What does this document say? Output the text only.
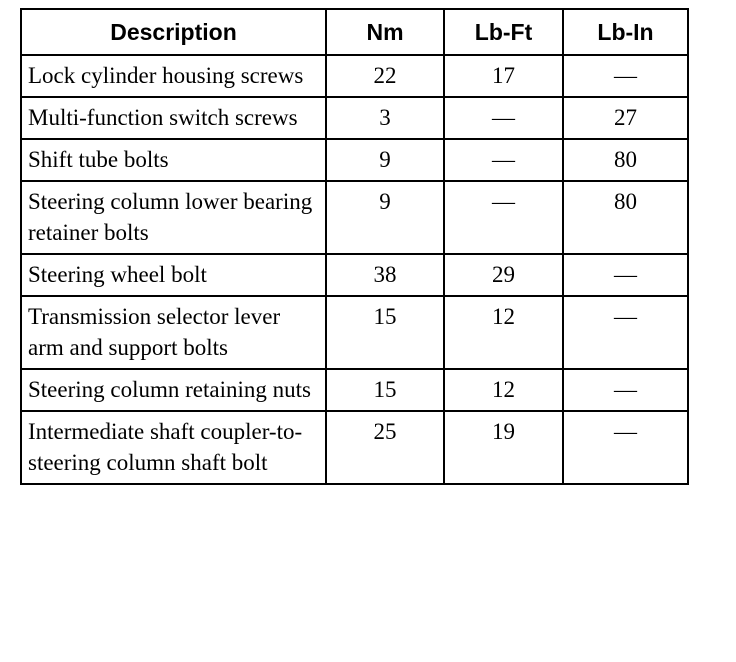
Description	Nm	Lb-Ft	Lb-In
Lock cylinder housing screws	22	17	—
Multi-function switch screws	3	—	27
Shift tube bolts	9	—	80
Steering column lower bearing retainer bolts	9	—	80
Steering wheel bolt	38	29	—
Transmission selector lever arm and support bolts	15	12	—
Steering column retaining nuts	15	12	—
Intermediate shaft coupler-to-steering column shaft bolt	25	19	—
